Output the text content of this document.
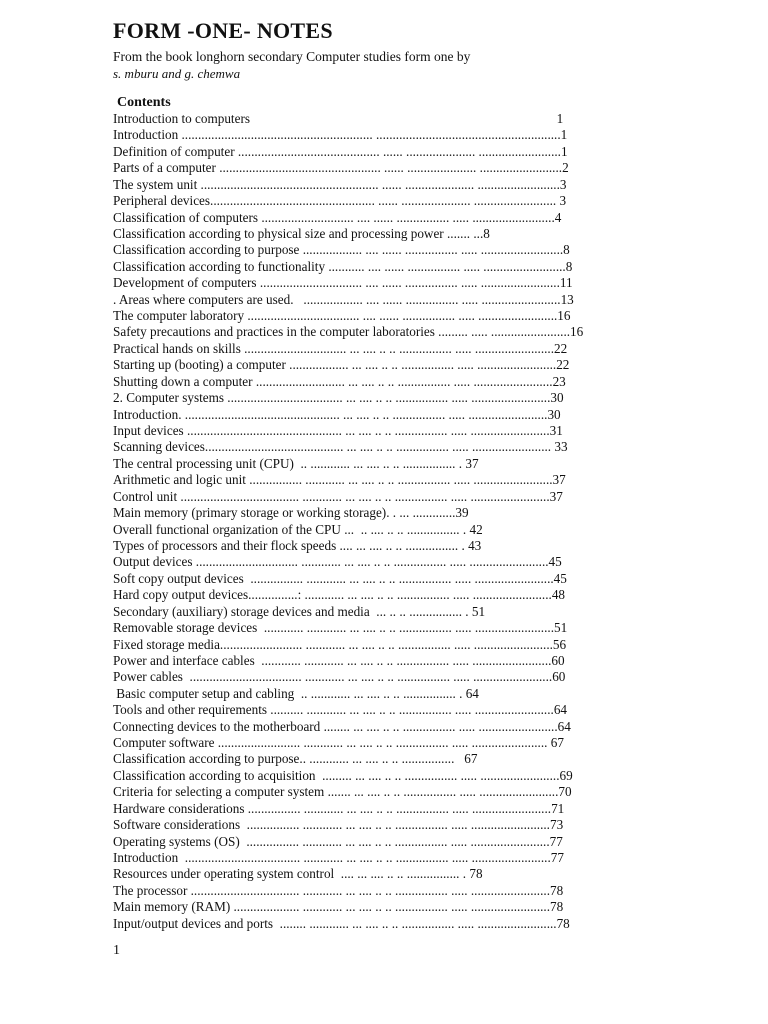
FORM -ONE- NOTES
From the book longhorn secondary Computer studies form one by
s. mburu and g. chemwa
Contents
Introduction to computers                                                                                             1
Introduction .......................................................... ........................................................1
Definition of computer ........................................... ...... ..................... .........................1
Parts of a computer ................................................. ...... ..................... .........................2
The system unit ...................................................... ...... ..................... .........................3
Peripheral devices.................................................. ...... ..................... ......................... 3
Classification of computers ............................ .... ...... ................ ..... .........................4
Classification according to physical size and processing power ....... ...8
Classification according to purpose .................. .... ...... ................ ..... .........................8
Classification according to functionality ........... .... ...... ................ ..... .........................8
Development of computers ............................... .... ...... ................ ..... ........................11
. Areas where computers are used.   .................. .... ...... ................ ..... ........................13
The computer laboratory .................................. .... ...... ................ ..... ........................16
Safety precautions and practices in the computer laboratories ......... ..... ........................16
Practical hands on skills ............................... ... .... .. .. ................ ..... ........................22
Starting up (booting) a computer .................. ... .... .. .. ................ ..... ........................22
Shutting down a computer ........................... ... .... .. .. ................ ..... ........................23
2. Computer systems ................................... ... .... .. .. ................ ..... ........................30
Introduction. ............................................... ... .... .. .. ................ ..... ........................30
Input devices ............................................... ... .... .. .. ................ ..... ........................31
Scanning devices.......................................... ... .... .. .. ................ ..... ........................ 33
The central processing unit (CPU)  .. ............ ... .... .. .. ................ . 37
Arithmetic and logic unit ................ ............ ... .... .. .. ................ ..... ........................37
Control unit .................................... ............ ... .... .. .. ................ ..... ........................37
Main memory (primary storage or working storage). . ... .............39
Overall functional organization of the CPU ...  .. .... .. .. ................ . 42
Types of processors and their flock speeds .... ... .... .. .. ................ . 43
Output devices ............................... ............ ... .... .. .. ................ ..... ........................45
Soft copy output devices  ................ ............ ... .... .. .. ................ ..... ........................45
Hard copy output devices...............: ............ ... .... .. .. ................ ..... ........................48
Secondary (auxiliary) storage devices and media  ... .. .. ................ . 51
Removable storage devices  ............ ............ ... .... .. .. ................ ..... ........................51
Fixed storage media......................... ............ ... .... .. .. ................ ..... ........................56
Power and interface cables  ............ ............ ... .... .. .. ................ ..... ........................60
Power cables  .................................. ............ ... .... .. .. ................ ..... ........................60
Basic computer setup and cabling  .. ............ ... .... .. .. ................ . 64
Tools and other requirements .......... ............ ... .... .. .. ................ ..... ........................64
Connecting devices to the motherboard ........ ... .... .. .. ................ ..... ........................64
Computer software ......................... ............ ... .... .. .. ................ ..... ....................... 67
Classification according to purpose.. ............ ... .... .. .. ................   67
Classification according to acquisition  ......... ... .... .. .. ................ ..... ........................69
Criteria for selecting a computer system ....... ... .... .. .. ................ ..... ........................70
Hardware considerations ................ ............ ... .... .. .. ................ ..... ........................71
Software considerations  ................ ............ ... .... .. .. ................ ..... ........................73
Operating systems (OS)  ................ ............ ... .... .. .. ................ ..... ........................77
Introduction  ................................... ............ ... .... .. .. ................ ..... ........................77
Resources under operating system control  .... ... .... .. .. ................ . 78
The processor ................................. ............ ... .... .. .. ................ ..... ........................78
Main memory (RAM) .................... ............ ... .... .. .. ................ ..... ........................78
Input/output devices and ports  ........ ............ ... .... .. .. ................ ..... ........................78
1
